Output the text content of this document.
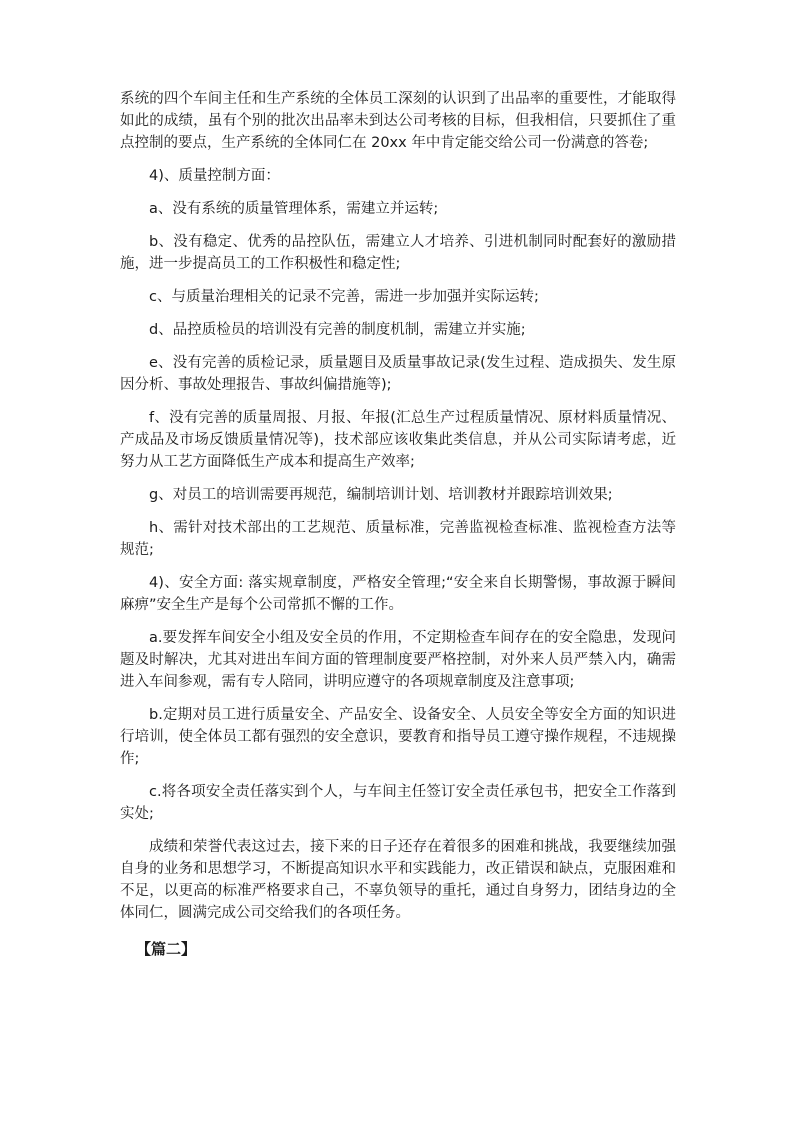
系统的四个车间主任和生产系统的全体员工深刻的认识到了出品率的重要性，才能取得如此的成绩，虽有个别的批次出品率未到达公司考核的目标，但我相信，只要抓住了重点控制的要点，生产系统的全体同仁在 20xx 年中肯定能交给公司一份满意的答卷;

4)、质量控制方面：

a、没有系统的质量管理体系，需建立并运转;

b、没有稳定、优秀的品控队伍，需建立人才培养、引进机制同时配套好的激励措施，进一步提高员工的工作积极性和稳定性;

c、与质量治理相关的记录不完善，需进一步加强并实际运转;

d、品控质检员的培训没有完善的制度机制，需建立并实施;

e、没有完善的质检记录，质量题目及质量事故记录(发生过程、造成损失、发生原因分析、事故处理报告、事故纠偏措施等);

f、没有完善的质量周报、月报、年报(汇总生产过程质量情况、原材料质量情况、产成品及市场反馈质量情况等)，技术部应该收集此类信息，并从公司实际请考虑，近努力从工艺方面降低生产成本和提高生产效率;

g、对员工的培训需要再规范，编制培训计划、培训教材并跟踪培训效果;

h、需针对技术部出的工艺规范、质量标准，完善监视检查标准、监视检查方法等规范;

4)、安全方面: 落实规章制度，严格安全管理;“安全来自长期警惕，事故源于瞬间麻痹”安全生产是每个公司常抓不懈的工作。

a.要发挥车间安全小组及安全员的作用，不定期检查车间存在的安全隐患，发现问题及时解决，尤其对进出车间方面的管理制度要严格控制，对外来人员严禁入内，确需进入车间参观，需有专人陪同，讲明应遵守的各项规章制度及注意事项;

b.定期对员工进行质量安全、产品安全、设备安全、人员安全等安全方面的知识进行培训，使全体员工都有强烈的安全意识，要教育和指导员工遵守操作规程，不违规操作;

c.将各项安全责任落实到个人，与车间主任签订安全责任承包书，把安全工作落到实处;

成绩和荣誉代表这过去，接下来的日子还存在着很多的困难和挑战，我要继续加强自身的业务和思想学习，不断提高知识水平和实践能力，改正错误和缺点，克服困难和不足，以更高的标准严格要求自己，不辜负领导的重托，通过自身努力，团结身边的全体同仁，圆满完成公司交给我们的各项任务。

【篇二】
